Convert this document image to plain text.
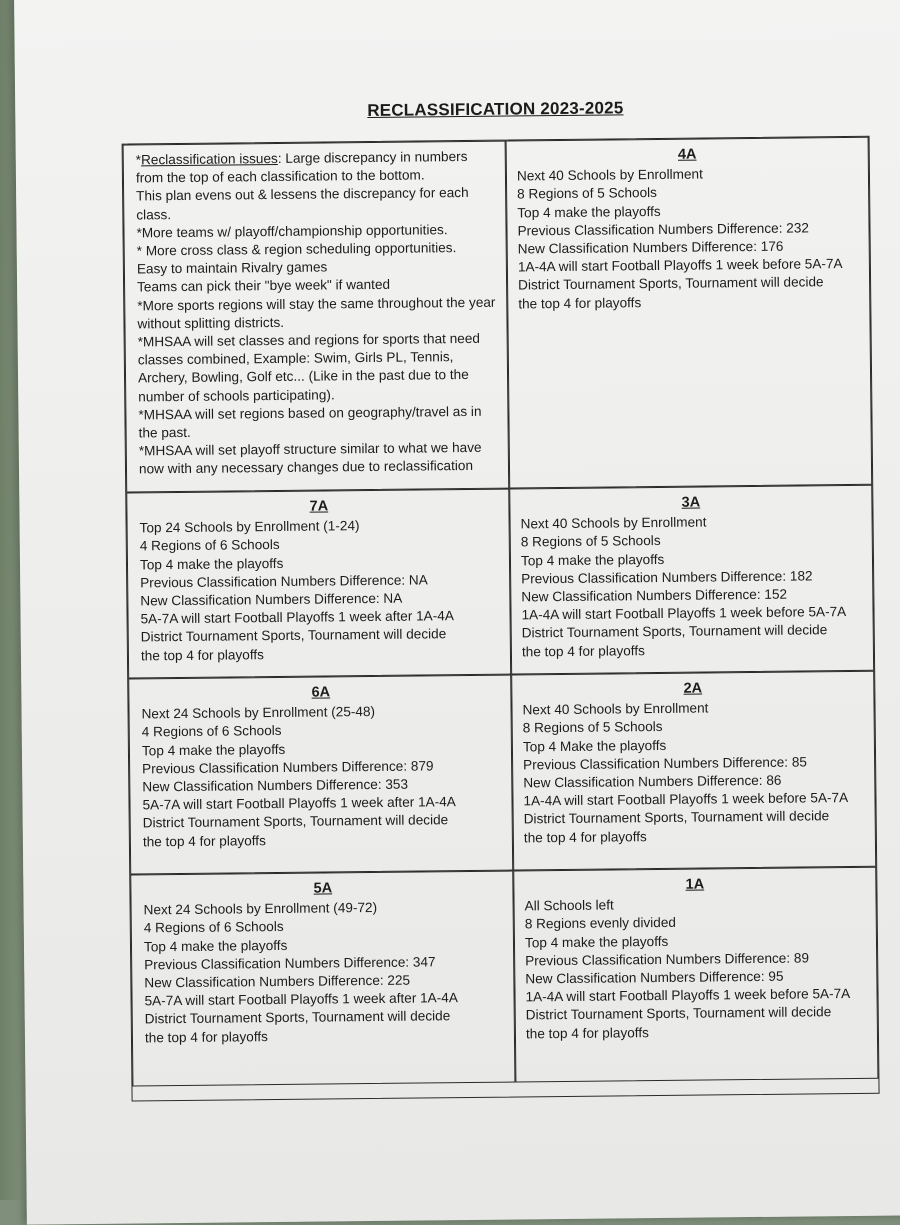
RECLASSIFICATION 2023-2025
*Reclassification issues: Large discrepancy in numbers from the top of each classification to the bottom.
This plan evens out & lessens the discrepancy for each class.
*More teams w/ playoff/championship opportunities.
* More cross class & region scheduling opportunities.
Easy to maintain Rivalry games
Teams can pick their "bye week" if wanted
*More sports regions will stay the same throughout the year without splitting districts.
*MHSAA will set classes and regions for sports that need classes combined, Example: Swim, Girls PL, Tennis, Archery, Bowling, Golf etc... (Like in the past due to the number of schools participating).
*MHSAA will set regions based on geography/travel as in the past.
*MHSAA will set playoff structure similar to what we have now with any necessary changes due to reclassification
4A
Next 40 Schools by Enrollment
8 Regions of 5 Schools
Top 4 make the playoffs
Previous Classification Numbers Difference: 232
New Classification Numbers Difference: 176
1A-4A will start Football Playoffs 1 week before 5A-7A
District Tournament Sports, Tournament will decide
the top 4 for playoffs
7A
Top 24 Schools by Enrollment (1-24)
4 Regions of 6 Schools
Top 4 make the playoffs
Previous Classification Numbers Difference: NA
New Classification Numbers Difference: NA
5A-7A will start Football Playoffs 1 week after 1A-4A
District Tournament Sports, Tournament will decide
the top 4 for playoffs
3A
Next 40 Schools by Enrollment
8 Regions of 5 Schools
Top 4 make the playoffs
Previous Classification Numbers Difference: 182
New Classification Numbers Difference: 152
1A-4A will start Football Playoffs 1 week before 5A-7A
District Tournament Sports, Tournament will decide
the top 4 for playoffs
6A
Next 24 Schools by Enrollment (25-48)
4 Regions of 6 Schools
Top 4 make the playoffs
Previous Classification Numbers Difference: 879
New Classification Numbers Difference: 353
5A-7A will start Football Playoffs 1 week after 1A-4A
District Tournament Sports, Tournament will decide
the top 4 for playoffs
2A
Next 40 Schools by Enrollment
8 Regions of 5 Schools
Top 4 Make the playoffs
Previous Classification Numbers Difference: 85
New Classification Numbers Difference: 86
1A-4A will start Football Playoffs 1 week before 5A-7A
District Tournament Sports, Tournament will decide
the top 4 for playoffs
5A
Next 24 Schools by Enrollment (49-72)
4 Regions of 6 Schools
Top 4 make the playoffs
Previous Classification Numbers Difference: 347
New Classification Numbers Difference: 225
5A-7A will start Football Playoffs 1 week after 1A-4A
District Tournament Sports, Tournament will decide
the top 4 for playoffs
1A
All Schools left
8 Regions evenly divided
Top 4 make the playoffs
Previous Classification Numbers Difference: 89
New Classification Numbers Difference: 95
1A-4A will start Football Playoffs 1 week before 5A-7A
District Tournament Sports, Tournament will decide
the top 4 for playoffs
